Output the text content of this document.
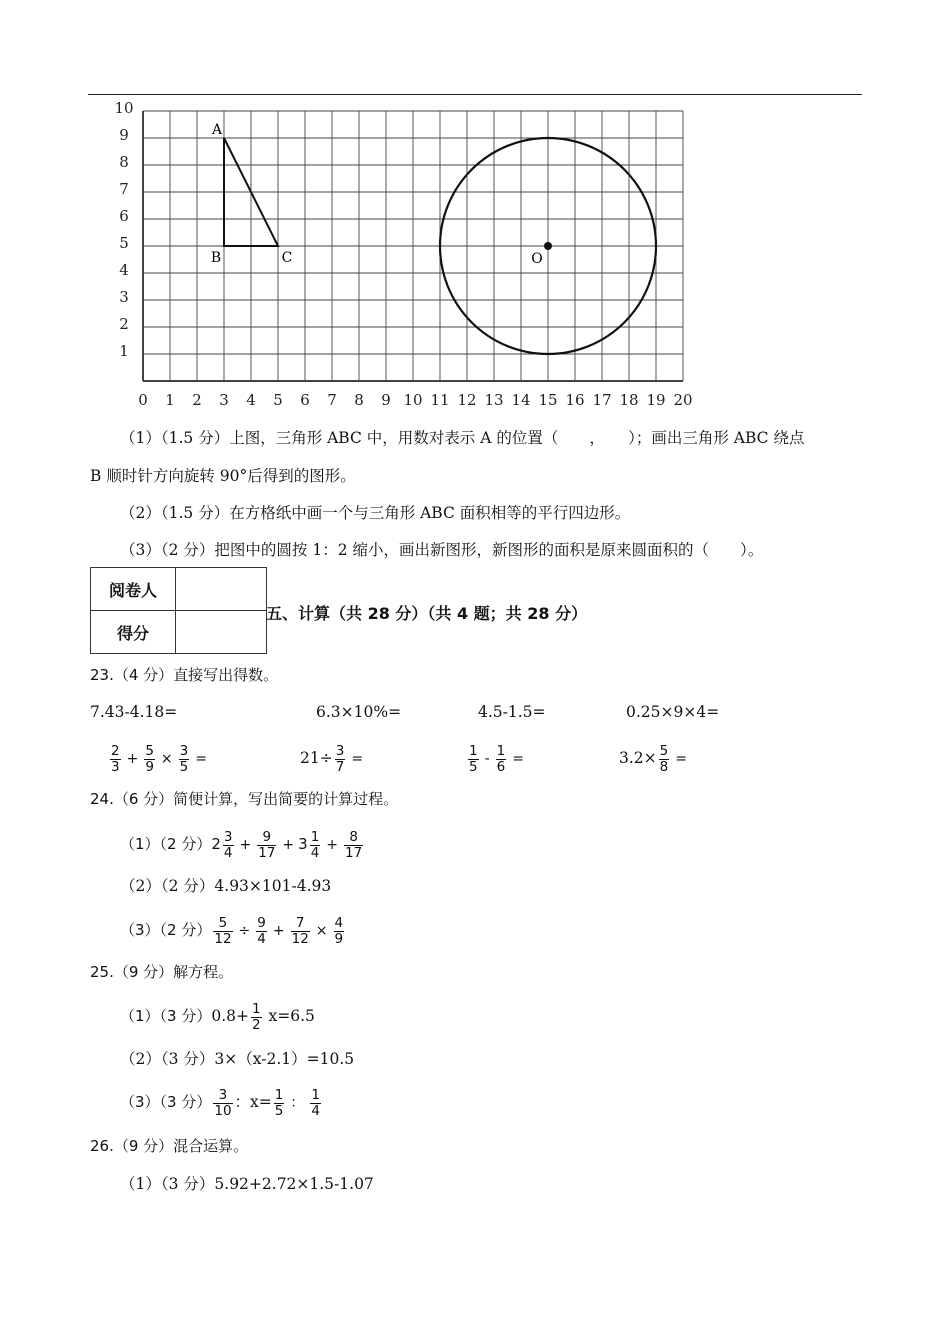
0 1 2 3 4 5 6 7 8 9 10 11 12 13 14 15 16 17 18 19 20
1
2
3
4
5
6
7
8
9
10
A
B	C	O
（1）（1.5 分）上图，三角形 ABC 中，用数对表示 A 的位置（　　，　　）；画出三角形 ABC 绕点
B 顺时针方向旋转 90°后得到的图形。
（2）（1.5 分）在方格纸中画一个与三角形 ABC 面积相等的平行四边形。
（3）（2 分）把图中的圆按 1：2 缩小，画出新图形，新图形的面积是原来圆面积的（　　）。
阅卷人	
得分	
五、计算（共 28 分）（共 4 题；共 28 分）
23.（4 分）直接写出得数。
7.43-4.18=	6.3×10%=	4.5-1.5=	0.25×9×4=
$\frac{2}{3} + \frac{5}{9} \times \frac{3}{5}$ =	$21\div \frac{3}{7}$ =	$\frac{1}{5} - \frac{1}{6}$ =	$3.2\times \frac{5}{8}$ =
24.（6 分）简便计算，写出简要的计算过程。
（1）（2 分）$2 \frac{3}{4} + \frac{9}{17} + 3 \frac{1}{4} + \frac{8}{17}$
（2）（2 分）4.93×101-4.93
（3）（2 分） $\frac{5}{12} \div \frac{9}{4} + \frac{7}{12} \times \frac{4}{9}$
25.（9 分）解方程。
（1）（3 分）$0.8+ \frac{1}{2} x=6.5$
（2）（3 分）3×（x-2.1）=10.5
（3）（3 分） $\frac{3}{10}$ ：$x= \frac{1}{5}$ ： $\frac{1}{4}$
26.（9 分）混合运算。
（1）（3 分）5.92+2.72×1.5-1.07
